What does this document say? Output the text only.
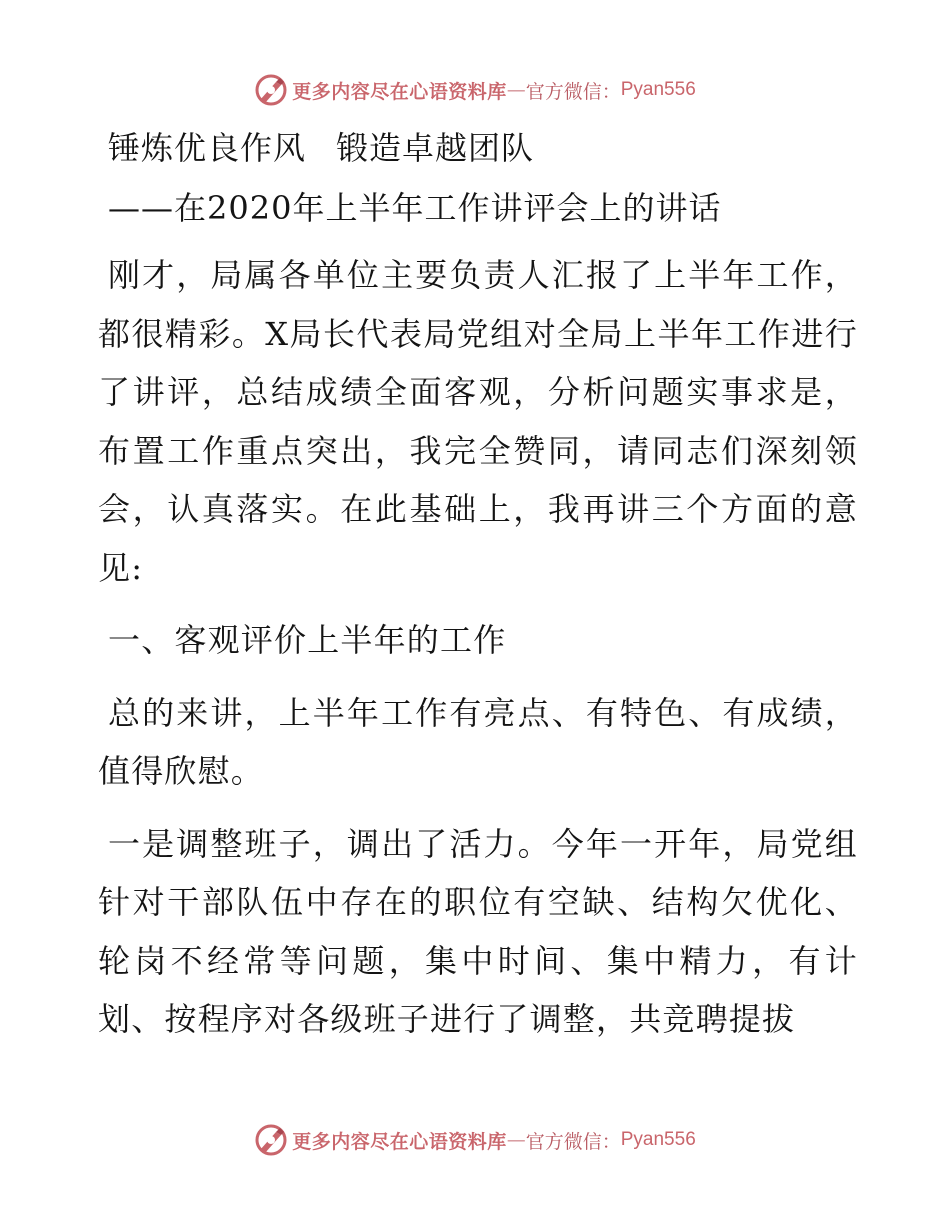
更多内容尽在心语资料库 — 官方微信： Pyan556
锤炼优良作风 锻造卓越团队
——在2020年上半年工作讲评会上的讲话

刚才，局属各单位主要负责人汇报了上半年工作，都很精彩。X局长代表局党组对全局上半年工作进行了讲评，总结成绩全面客观，分析问题实事求是，布置工作重点突出，我完全赞同，请同志们深刻领会，认真落实。在此基础上，我再讲三个方面的意见:

一、客观评价上半年的工作

总的来讲，上半年工作有亮点、有特色、有成绩，值得欣慰。

一是调整班子，调出了活力。今年一开年，局党组针对干部队伍中存在的职位有空缺、结构欠优化、轮岗不经常等问题，集中时间、集中精力，有计划、按程序对各级班子进行了调整，共竞聘提拔

更多内容尽在心语资料库 — 官方微信： Pyan556
